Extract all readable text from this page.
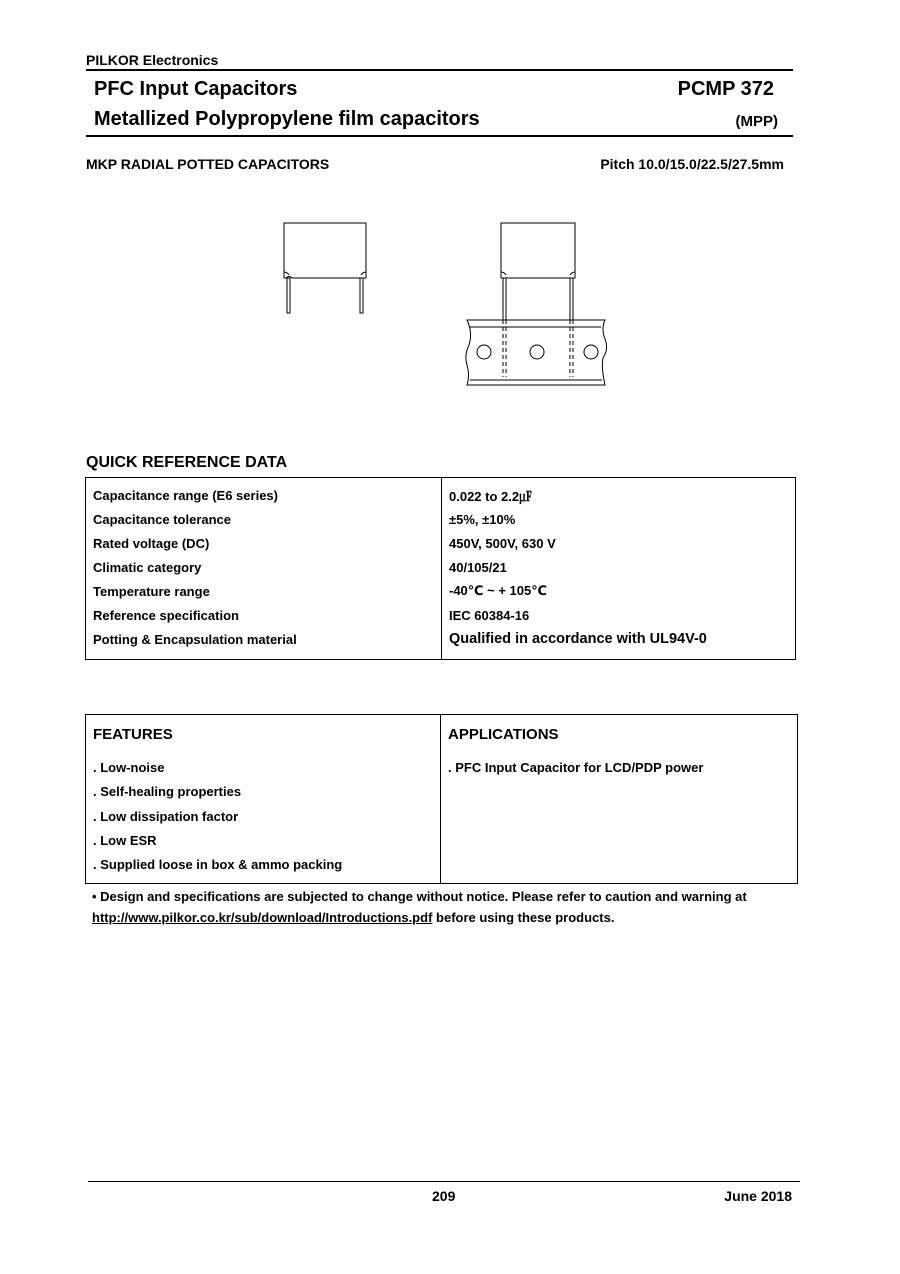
PILKOR Electronics
PFC Input Capacitors
Metallized Polypropylene film capacitors
PCMP 372
(MPP)
MKP RADIAL POTTED CAPACITORS	Pitch 10.0/15.0/22.5/27.5mm
QUICK REFERENCE DATA
Capacitance range (E6 series)	0.022 to 2.2㎌
Capacitance tolerance	±5%, ±10%
Rated voltage (DC)	450V, 500V, 630 V
Climatic category	40/105/21
Temperature range	-40℃ ~ + 105℃
Reference specification	IEC 60384-16
Potting & Encapsulation material	Qualified in accordance with UL94V-0
FEATURES
. Low-noise
. Self-healing properties
. Low dissipation factor
. Low ESR
. Supplied loose in box & ammo packing
APPLICATIONS
. PFC Input Capacitor for LCD/PDP power
• Design and specifications are subjected to change without notice. Please refer to caution and warning at
http://www.pilkor.co.kr/sub/download/Introductions.pdf before using these products.
209	June 2018
